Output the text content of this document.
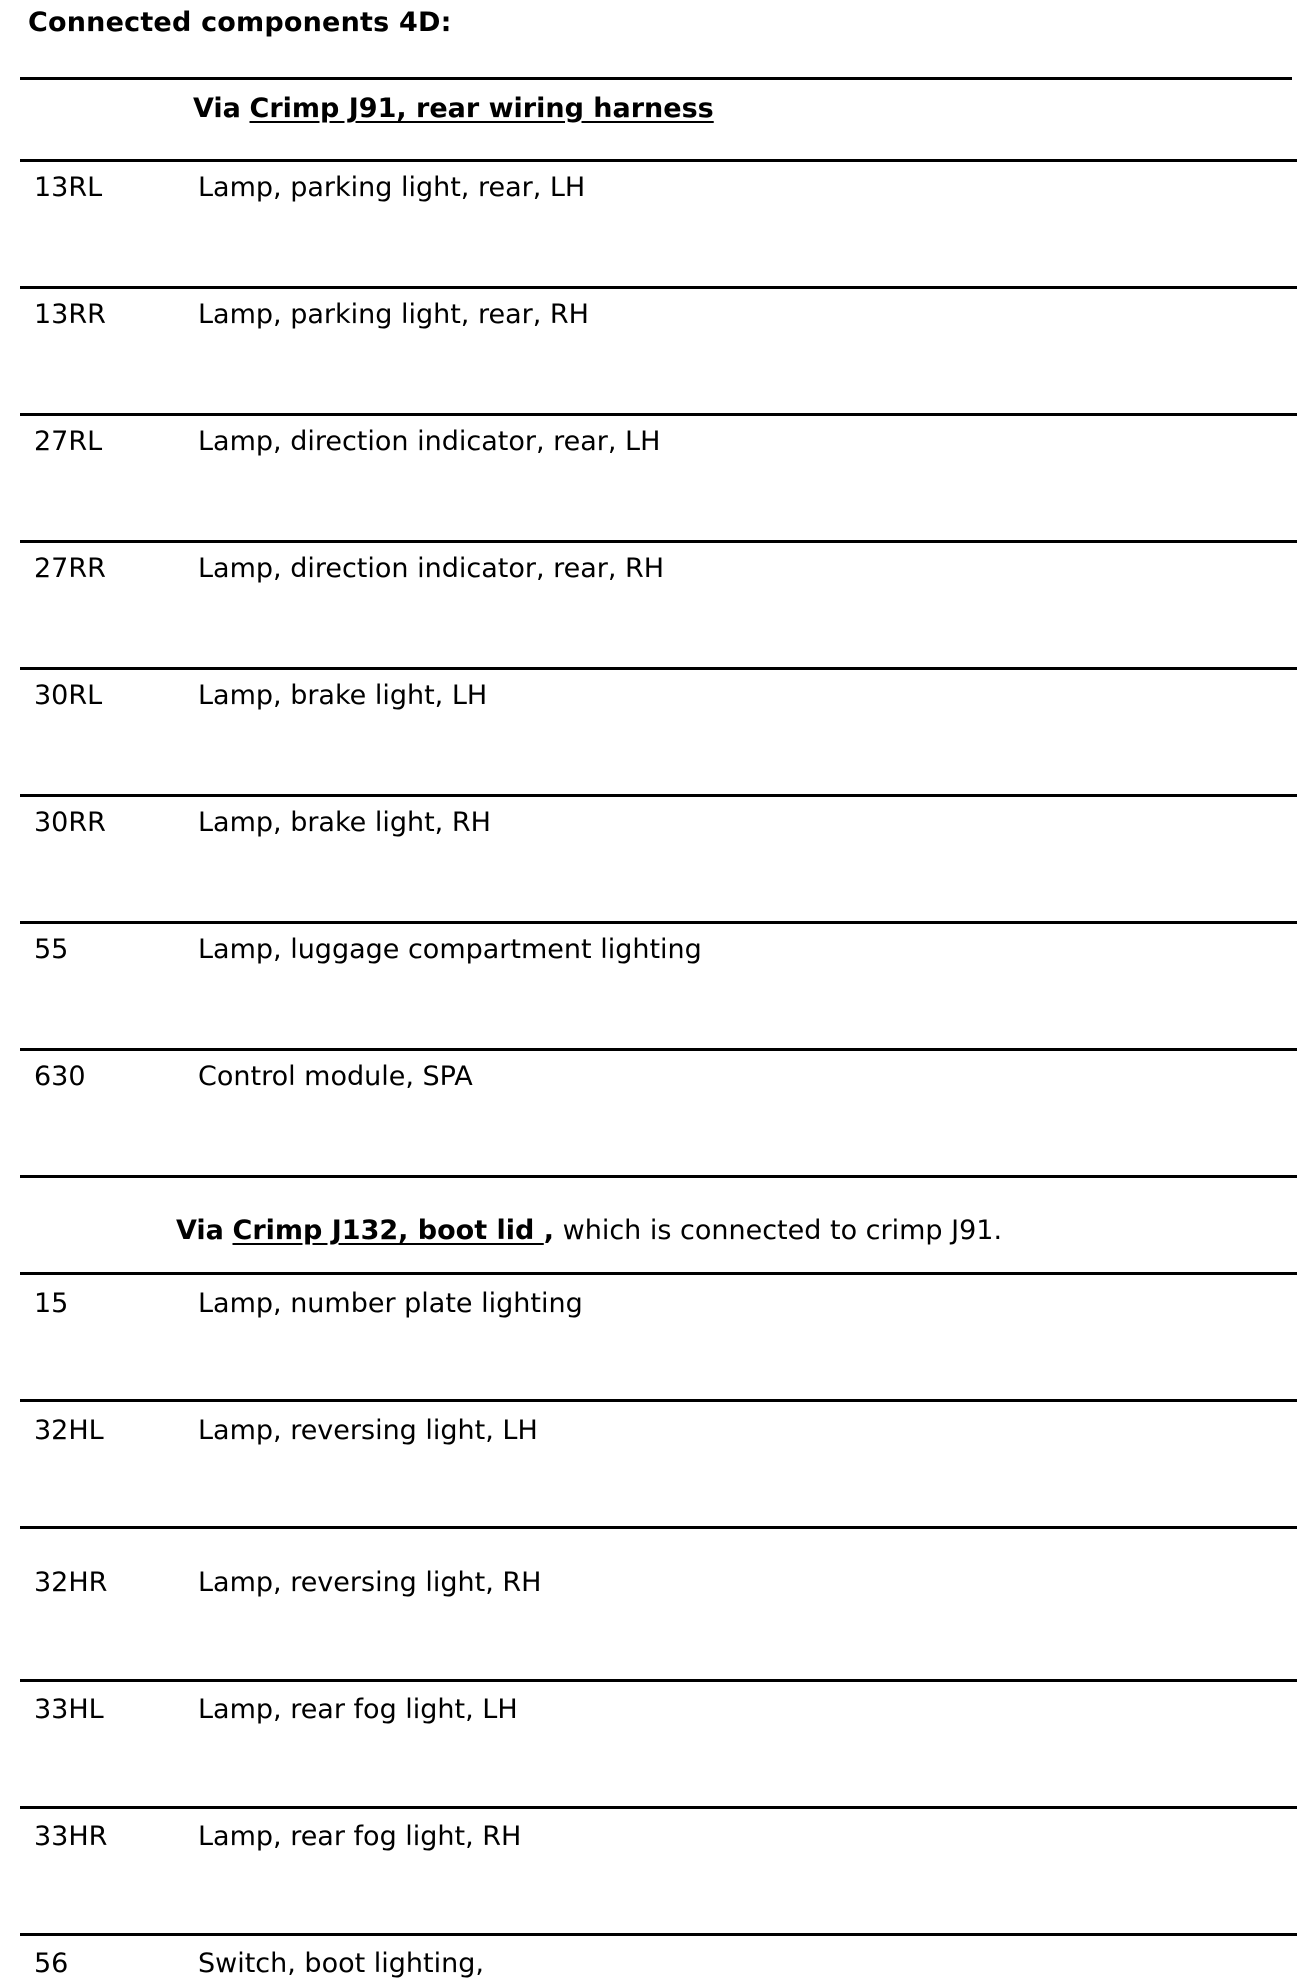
Connected components 4D:
Via Crimp J91, rear wiring harness
13RL	Lamp, parking light, rear, LH
13RR	Lamp, parking light, rear, RH
27RL	Lamp, direction indicator, rear, LH
27RR	Lamp, direction indicator, rear, RH
30RL	Lamp, brake light, LH
30RR	Lamp, brake light, RH
55	Lamp, luggage compartment lighting
630	Control module, SPA
Via Crimp J132, boot lid , which is connected to crimp J91.
15	Lamp, number plate lighting
32HL	Lamp, reversing light, LH
32HR	Lamp, reversing light, RH
33HL	Lamp, rear fog light, LH
33HR	Lamp, rear fog light, RH
56	Switch, boot lighting,
